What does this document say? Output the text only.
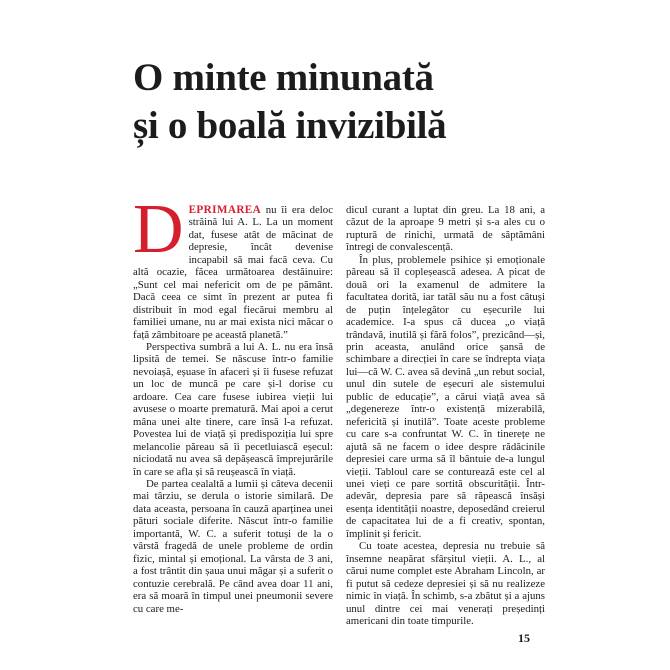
O minte minunată
și o boală invizibilă

DEPRIMAREA nu îi era deloc străină lui A. L. La un moment dat, fusese atât de măcinat de depresie, încât devenise incapabil să mai facă ceva. Cu altă ocazie, făcea următoarea destăinuire: „Sunt cel mai nefericit om de pe pământ. Dacă ceea ce simt în prezent ar putea fi distribuit în mod egal fiecărui membru al familiei umane, nu ar mai exista nici măcar o față zâmbitoare pe această planetă.”

Perspectiva sumbră a lui A. L. nu era însă lipsită de temei. Se născuse într-o familie nevoiașă, eșuase în afaceri și îi fusese refuzat un loc de muncă pe care și-l dorise cu ardoare. Cea care fusese iubirea vieții lui avusese o moarte prematură. Mai apoi a cerut mâna unei alte tinere, care însă l-a refuzat. Povestea lui de viață și predispoziția lui spre melancolie păreau să îi pecetluiască eșecul: niciodată nu avea să depășească împrejurările în care se afla și să reușească în viață.

De partea cealaltă a lumii și câteva decenii mai târziu, se derula o istorie similară. De data aceasta, persoana în cauză aparținea unei pături sociale diferite. Născut într-o familie importantă, W. C. a suferit totuși de la o vârstă fragedă de unele probleme de ordin fizic, mintal și emoțional. La vârsta de 3 ani, a fost trântit din șaua unui măgar și a suferit o contuzie cerebrală. Pe când avea doar 11 ani, era să moară în timpul unei pneumonii severe cu care me-

dicul curant a luptat din greu. La 18 ani, a căzut de la aproape 9 metri și s-a ales cu o ruptură de rinichi, urmată de săptămâni întregi de convalescență.

În plus, problemele psihice și emoționale păreau să îl copleșească adesea. A picat de două ori la examenul de admitere la facultatea dorită, iar tatăl său nu a fost câtuși de puțin înțelegător cu eșecurile lui academice. I-a spus că ducea „o viață trândavă, inutilă și fără folos”, prezicând—și, prin aceasta, anulând orice șansă de schimbare a direcției în care se îndrepta viața lui—că W. C. avea să devină „un rebut social, unul din sutele de eșecuri ale sistemului public de educație”, a cărui viață avea să „degenereze într-o existență mizerabilă, nefericită și inutilă”. Toate aceste probleme cu care s-a confruntat W. C. în tinerețe ne ajută să ne facem o idee despre rădăcinile depresiei care urma să îl bântuie de-a lungul vieții. Tabloul care se conturează este cel al unei vieți ce pare sortită obscurității. Într-adevăr, depresia pare să răpească însăși esența identității noastre, deposedând creierul de capacitatea lui de a fi creativ, spontan, împlinit și fericit.

Cu toate acestea, depresia nu trebuie să însemne neapărat sfârșitul vieții. A. L., al cărui nume complet este Abraham Lincoln, ar fi putut să cedeze depresiei și să nu realizeze nimic în viață. În schimb, s-a zbătut și a ajuns unul dintre cei mai venerați președinți americani din toate timpurile.

15
